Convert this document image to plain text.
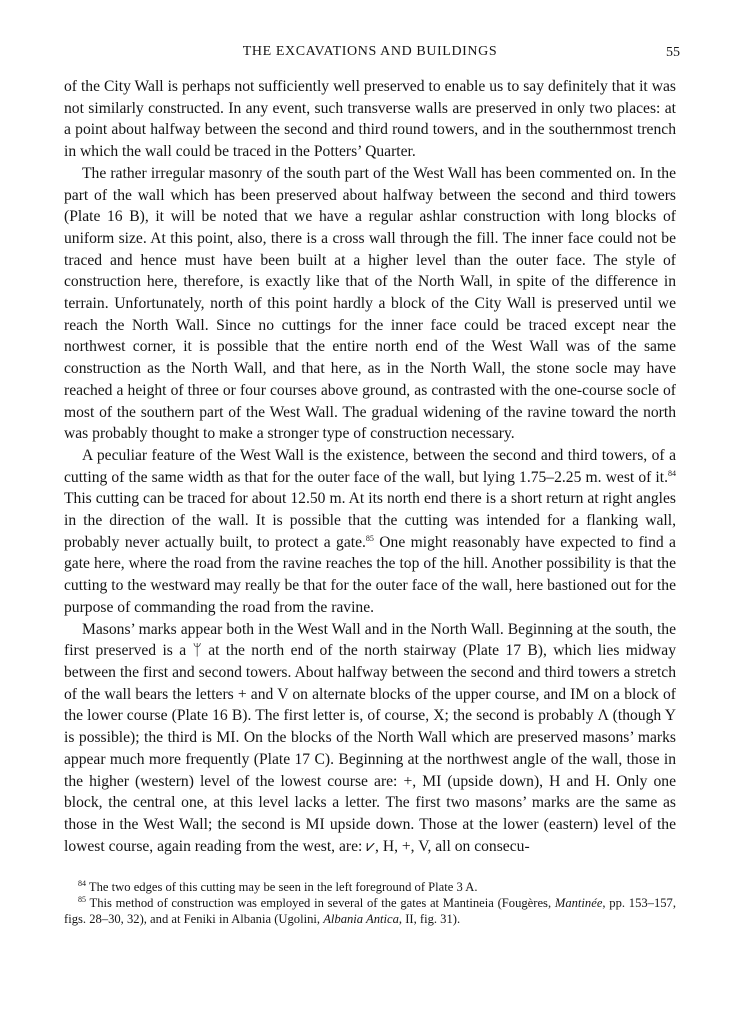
THE EXCAVATIONS AND BUILDINGS	55

of the City Wall is perhaps not sufficiently well preserved to enable us to say definitely that it was not similarly constructed. In any event, such transverse walls are preserved in only two places: at a point about halfway between the second and third round towers, and in the southernmost trench in which the wall could be traced in the Potters’ Quarter.

The rather irregular masonry of the south part of the West Wall has been commented on. In the part of the wall which has been preserved about halfway between the second and third towers (Plate 16 B), it will be noted that we have a regular ashlar construction with long blocks of uniform size. At this point, also, there is a cross wall through the fill. The inner face could not be traced and hence must have been built at a higher level than the outer face. The style of construction here, therefore, is exactly like that of the North Wall, in spite of the difference in terrain. Unfortunately, north of this point hardly a block of the City Wall is preserved until we reach the North Wall. Since no cuttings for the inner face could be traced except near the northwest corner, it is possible that the entire north end of the West Wall was of the same construction as the North Wall, and that here, as in the North Wall, the stone socle may have reached a height of three or four courses above ground, as contrasted with the one-course socle of most of the southern part of the West Wall. The gradual widening of the ravine toward the north was probably thought to make a stronger type of construction necessary.

A peculiar feature of the West Wall is the existence, between the second and third towers, of a cutting of the same width as that for the outer face of the wall, but lying 1.75–2.25 m. west of it.$^{84}$ This cutting can be traced for about 12.50 m. At its north end there is a short return at right angles in the direction of the wall. It is possible that the cutting was intended for a flanking wall, probably never actually built, to protect a gate.$^{85}$ One might reasonably have expected to find a gate here, where the road from the ravine reaches the top of the hill. Another possibility is that the cutting to the westward may really be that for the outer face of the wall, here bastioned out for the purpose of commanding the road from the ravine.

Masons’ marks appear both in the West Wall and in the North Wall. Beginning at the south, the first preserved is a ᛘ at the north end of the north stairway (Plate 17 B), which lies midway between the first and second towers. About halfway between the second and third towers a stretch of the wall bears the letters + and V on alternate blocks of the upper course, and IM on a block of the lower course (Plate 16 B). The first letter is, of course, X; the second is probably Λ (though Y is possible); the third is MI. On the blocks of the North Wall which are preserved masons’ marks appear much more frequently (Plate 17 C). Beginning at the northwest angle of the wall, those in the higher (western) level of the lowest course are: +, MI (upside down), H and H. Only one block, the central one, at this level lacks a letter. The first two masons’ marks are the same as those in the West Wall; the second is MI upside down. Those at the lower (eastern) level of the lowest course, again reading from the west, are: ⩗, H, +, V, all on consecu-

$^{84}$ The two edges of this cutting may be seen in the left foreground of Plate 3 A.

$^{85}$ This method of construction was employed in several of the gates at Mantineia (Fougères, Mantinée, pp. 153–157, figs. 28–30, 32), and at Feniki in Albania (Ugolini, Albania Antica, II, fig. 31).
